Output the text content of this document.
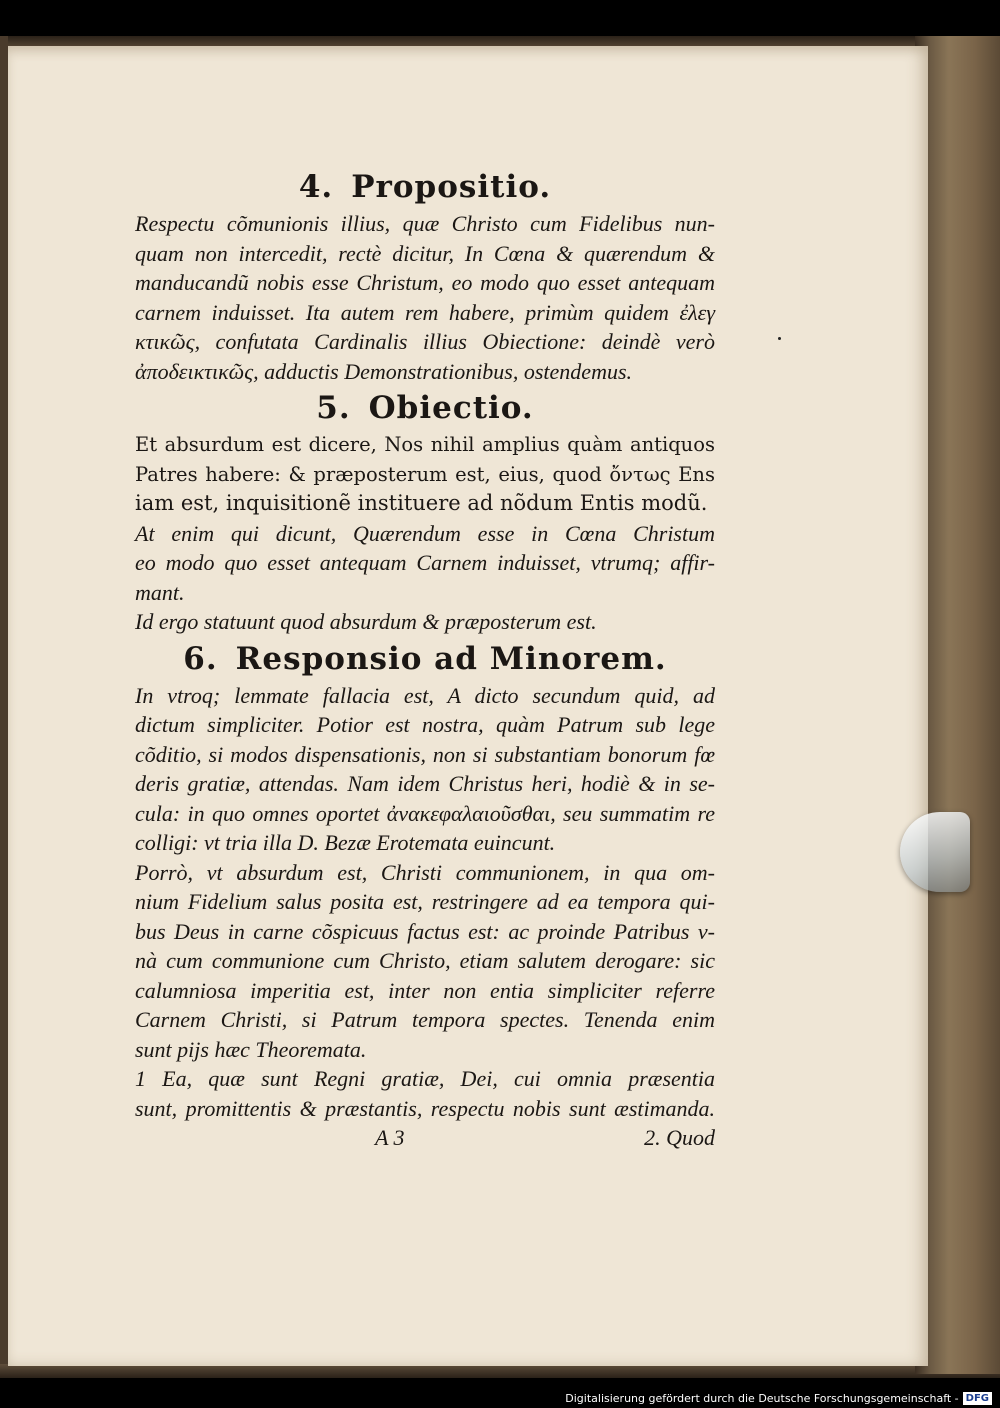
4. Propositio.
Respectu cõmunionis illius, quæ Christo cum Fidelibus nun-
quam non intercedit, rectè dicitur, In Cœna & quærendum &
manducandũ nobis esse Christum, eo modo quo esset antequam
carnem induisset. Ita autem rem habere, primùm quidem ἐλεγ
κτικῶς, confutata Cardinalis illius Obiectione: deindè verò
ἀποδεικτικῶς, adductis Demonstrationibus, ostendemus.
5. Obiectio.
Et absurdum est dicere, Nos nihil amplius quàm antiquos
Patres habere: & præposterum est, eius, quod ὄντως Ens
iam est, inquisitionẽ instituere ad nõdum Entis modũ.
At enim qui dicunt, Quærendum esse in Cœna Christum
eo modo quo esset antequam Carnem induisset, vtrumq; affir-
mant.
Id ergo statuunt quod absurdum & præposterum est.
6. Responsio ad Minorem.
In vtroq; lemmate fallacia est, A dicto secundum quid, ad
dictum simpliciter. Potior est nostra, quàm Patrum sub lege
cõditio, si modos dispensationis, non si substantiam bonorum fœ
deris gratiæ, attendas. Nam idem Christus heri, hodiè & in se-
cula: in quo omnes oportet ἀνακεφαλαιοῦσθαι, seu summatim re
colligi: vt tria illa D. Bezæ Erotemata euincunt.
Porrò, vt absurdum est, Christi communionem, in qua om-
nium Fidelium salus posita est, restringere ad ea tempora qui-
bus Deus in carne cõspicuus factus est: ac proinde Patribus v-
nà cum communione cum Christo, etiam salutem derogare: sic
calumniosa imperitia est, inter non entia simpliciter referre
Carnem Christi, si Patrum tempora spectes. Tenenda enim
sunt pijs hæc Theoremata.
1 Ea, quæ sunt Regni gratiæ, Dei, cui omnia præsentia
sunt, promittentis & præstantis, respectu nobis sunt æstimanda.
A 3	2. Quod
Digitalisierung gefördert durch die Deutsche Forschungsgemeinschaft - DFG
